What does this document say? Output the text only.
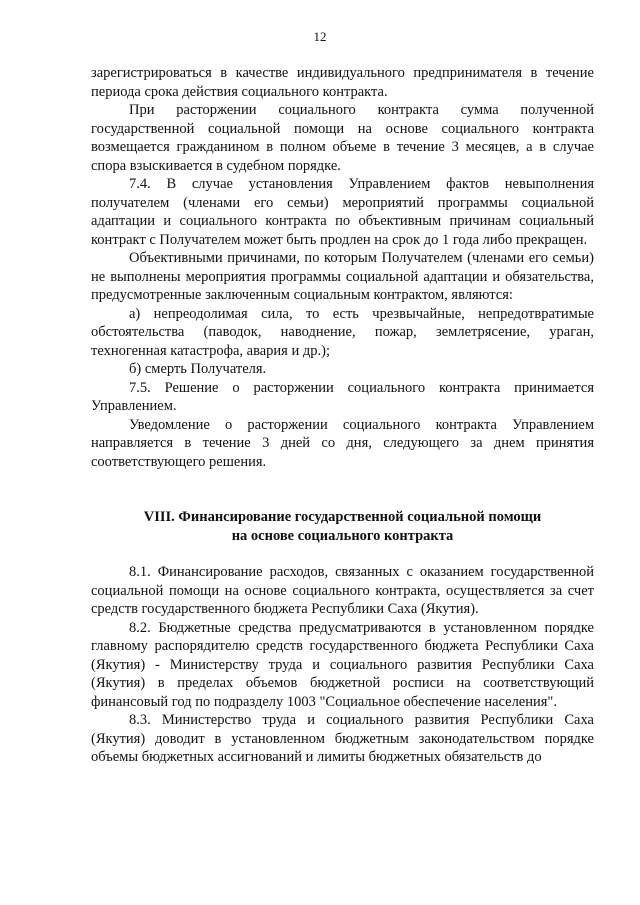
12

зарегистрироваться в качестве индивидуального предпринимателя в течение периода срока действия социального контракта.

При расторжении социального контракта сумма полученной государственной социальной помощи на основе социального контракта возмещается гражданином в полном объеме в течение 3 месяцев, а в случае спора взыскивается в судебном порядке.

7.4. В случае установления Управлением фактов невыполнения получателем (членами его семьи) мероприятий программы социальной адаптации и социального контракта по объективным причинам социальный контракт с Получателем может быть продлен на срок до 1 года либо прекращен.

Объективными причинами, по которым Получателем (членами его семьи) не выполнены мероприятия программы социальной адаптации и обязательства, предусмотренные заключенным социальным контрактом, являются:

а) непреодолимая сила, то есть чрезвычайные, непредотвратимые обстоятельства (паводок, наводнение, пожар, землетрясение, ураган, техногенная катастрофа, авария и др.);

б) смерть Получателя.

7.5. Решение о расторжении социального контракта принимается Управлением.

Уведомление о расторжении социального контракта Управлением направляется в течение 3 дней со дня, следующего за днем принятия соответствующего решения.

VIII. Финансирование государственной социальной помощи

на основе социального контракта

8.1. Финансирование расходов, связанных с оказанием государственной социальной помощи на основе социального контракта, осуществляется за счет средств государственного бюджета Республики Саха (Якутия).

8.2. Бюджетные средства предусматриваются в установленном порядке главному распорядителю средств государственного бюджета Республики Саха (Якутия) - Министерству труда и социального развития Республики Саха (Якутия) в пределах объемов бюджетной росписи на соответствующий финансовый год по подразделу 1003 "Социальное обеспечение населения".

8.3. Министерство труда и социального развития Республики Саха (Якутия) доводит в установленном бюджетным законодательством порядке объемы бюджетных ассигнований и лимиты бюджетных обязательств до
